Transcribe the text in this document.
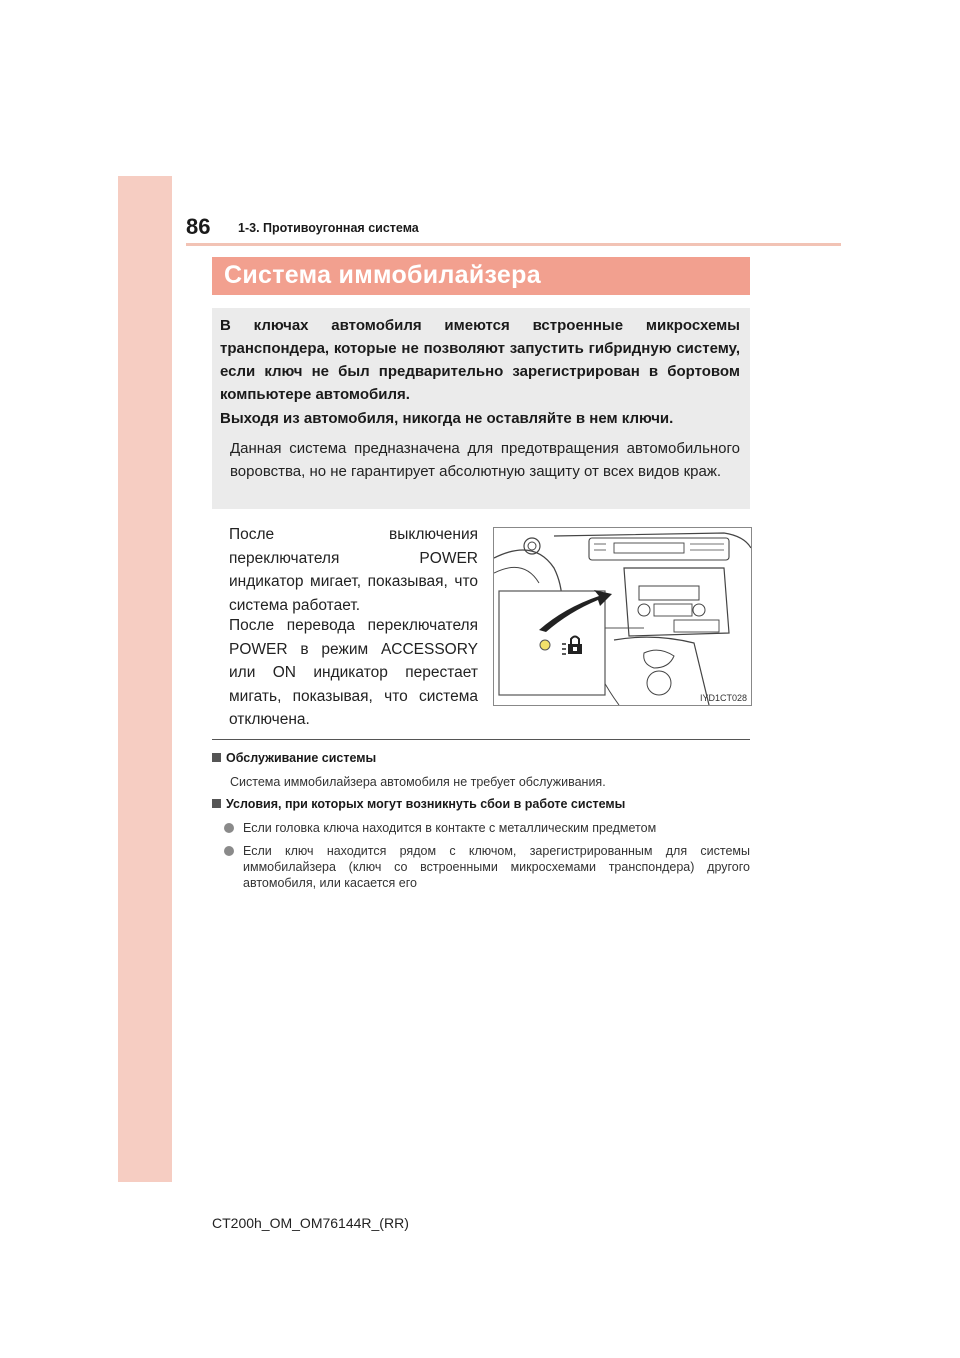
86 1-3. Противоугонная система
Система иммобилайзера
В ключах автомобиля имеются встроенные микросхемы транспондера, которые не позволяют запустить гибридную систему, если ключ не был предварительно зарегистрирован в бортовом компьютере автомобиля.
Выходя из автомобиля, никогда не оставляйте в нем ключи.
Данная система предназначена для предотвращения автомобильного воровства, но не гарантирует абсолютную защиту от всех видов краж.
После выключения переключателя POWER индикатор мигает, показывая, что система работает.
После перевода переключателя POWER в режим ACCESSORY или ON индикатор перестает мигать, показывая, что система отключена.
IYD1CT028
Обслуживание системы
Система иммобилайзера автомобиля не требует обслуживания.
Условия, при которых могут возникнуть сбои в работе системы
Если головка ключа находится в контакте с металлическим предметом
Если ключ находится рядом с ключом, зарегистрированным для системы иммобилайзера (ключ со встроенными микросхемами транспондера) другого автомобиля, или касается его
CT200h_OM_OM76144R_(RR)
